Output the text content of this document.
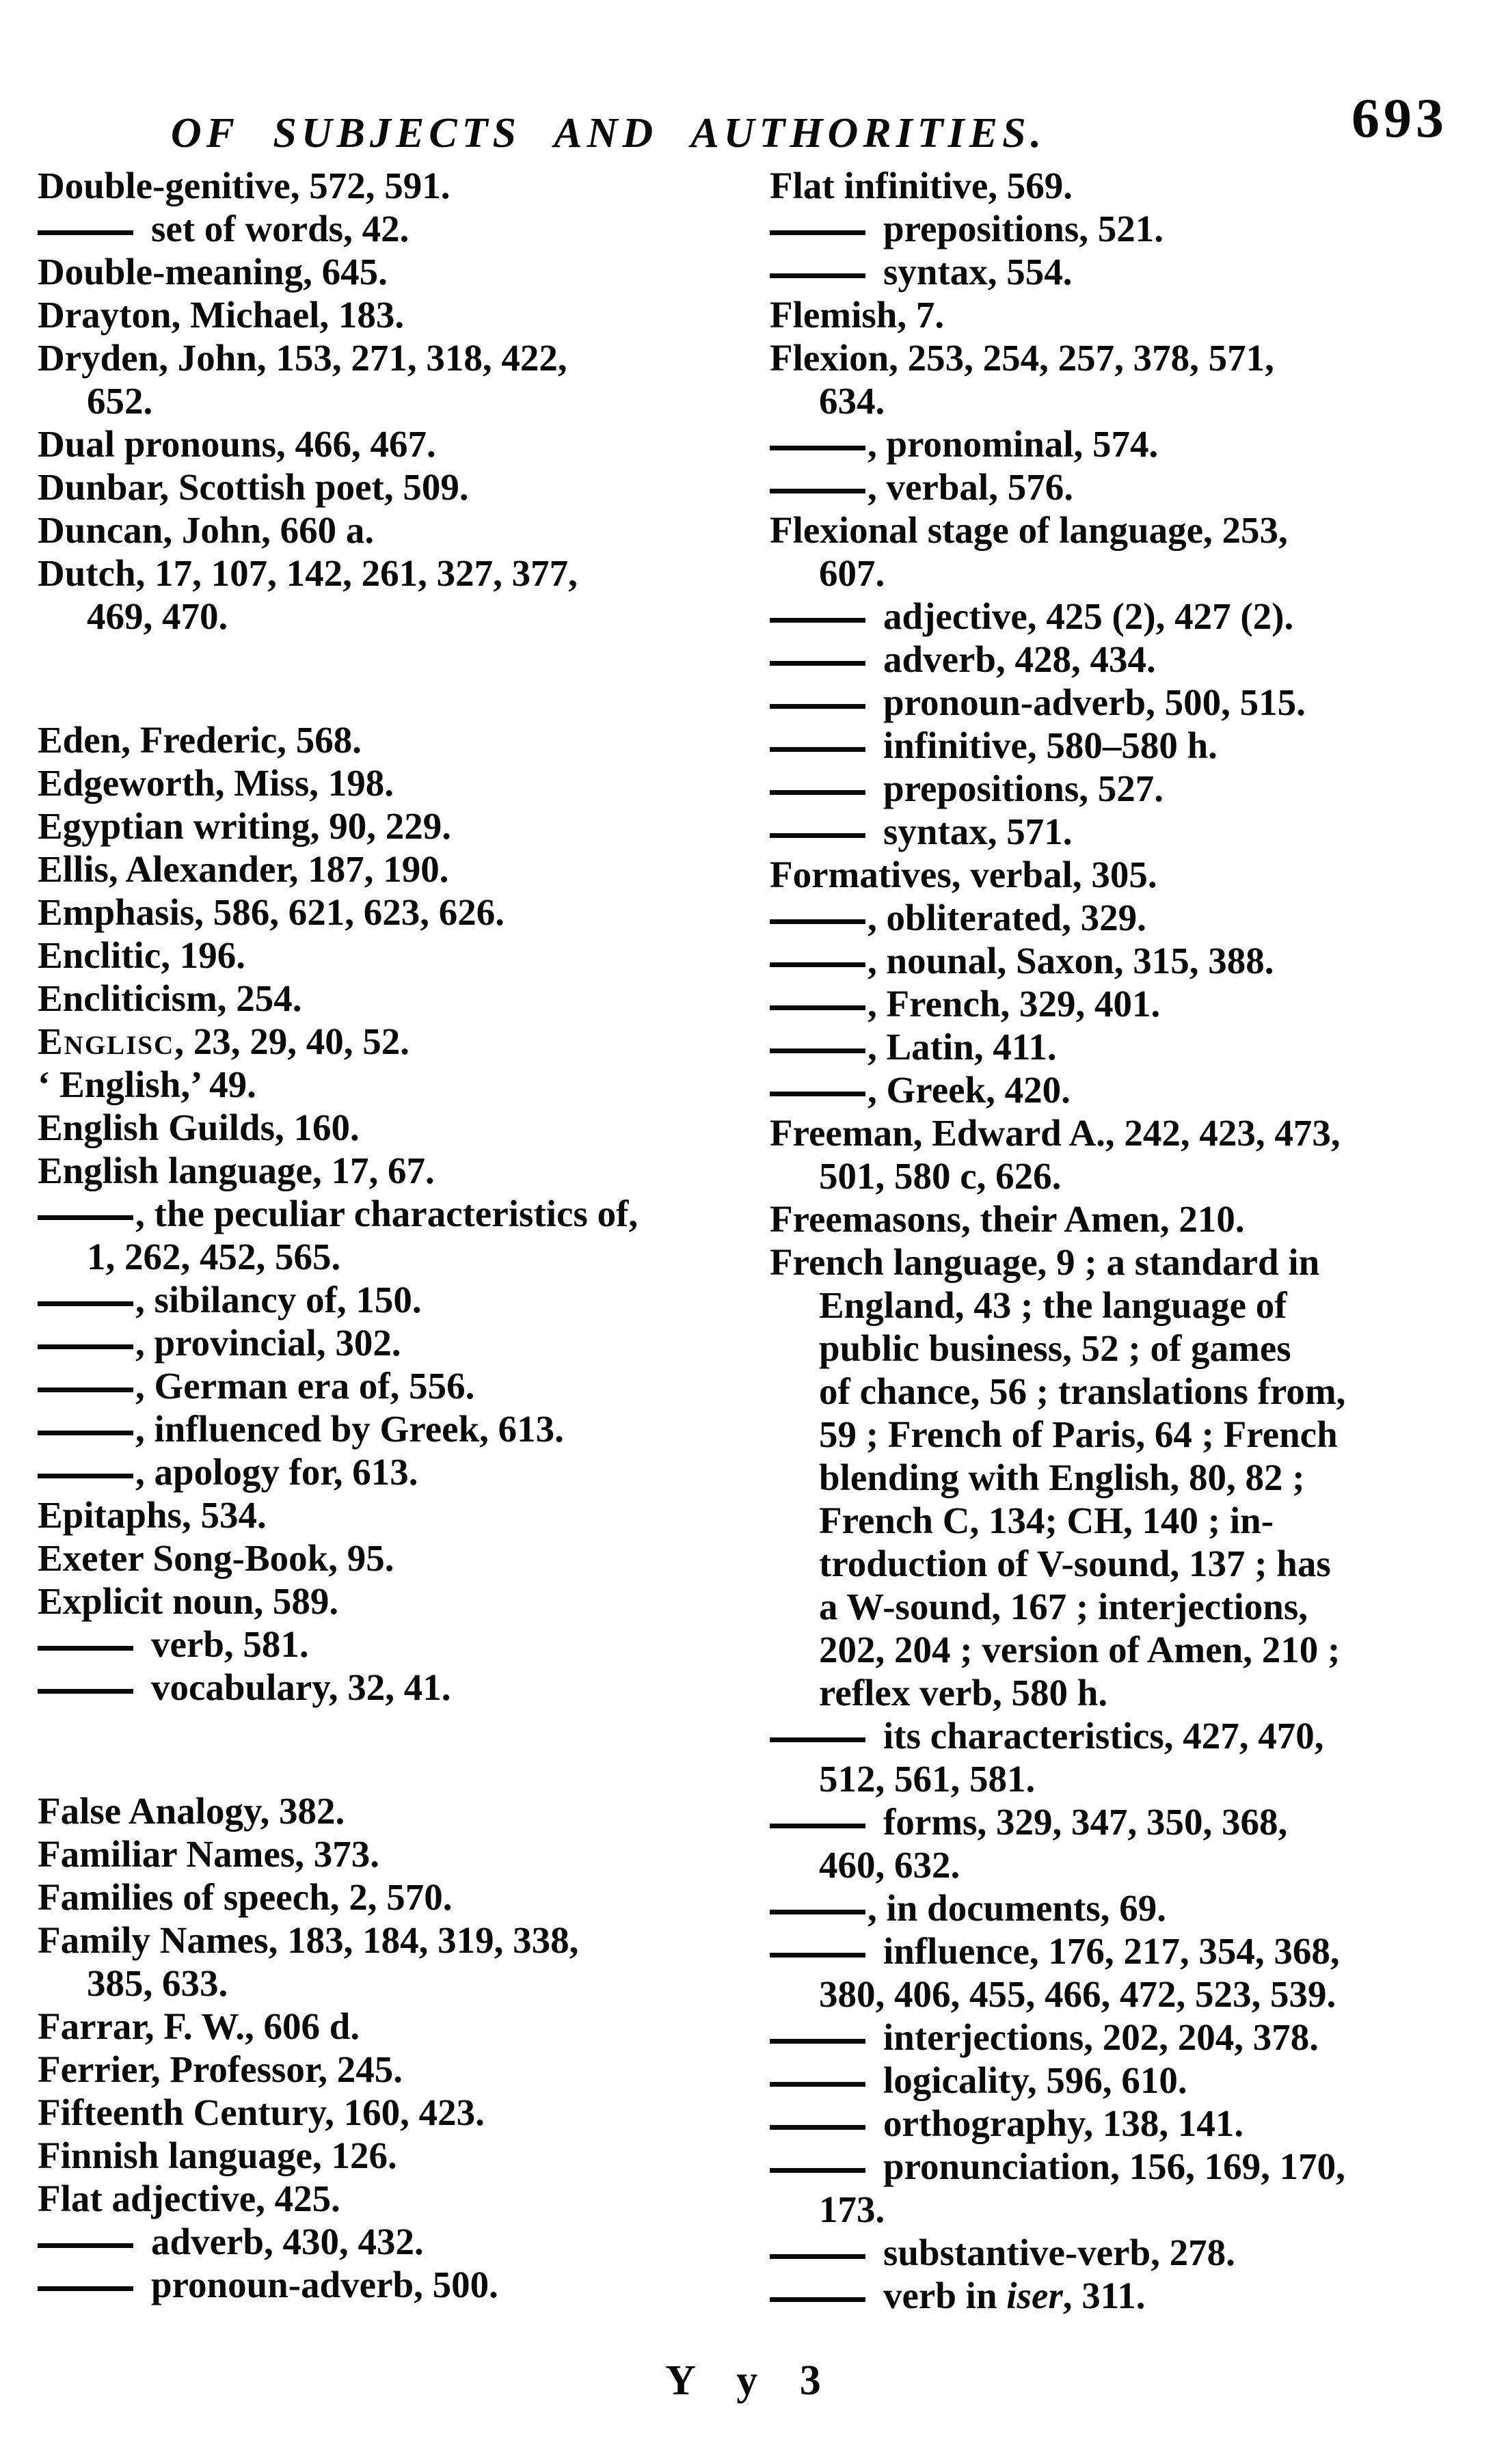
OF SUBJECTS AND AUTHORITIES.	693
Double-genitive, 572, 591.
set of words, 42.
Double-meaning, 645.
Drayton, Michael, 183.
Dryden, John, 153, 271, 318, 422,
652.
Dual pronouns, 466, 467.
Dunbar, Scottish poet, 509.
Duncan, John, 660 a.
Dutch, 17, 107, 142, 261, 327, 377,
469, 470.
Eden, Frederic, 568.
Edgeworth, Miss, 198.
Egyptian writing, 90, 229.
Ellis, Alexander, 187, 190.
Emphasis, 586, 621, 623, 626.
Enclitic, 196.
Encliticism, 254.
Englisc, 23, 29, 40, 52.
‘ English,’ 49.
English Guilds, 160.
English language, 17, 67.
, the peculiar characteristics of,
1, 262, 452, 565.
, sibilancy of, 150.
, provincial, 302.
, German era of, 556.
, influenced by Greek, 613.
, apology for, 613.
Epitaphs, 534.
Exeter Song-Book, 95.
Explicit noun, 589.
verb, 581.
vocabulary, 32, 41.
False Analogy, 382.
Familiar Names, 373.
Families of speech, 2, 570.
Family Names, 183, 184, 319, 338,
385, 633.
Farrar, F. W., 606 d.
Ferrier, Professor, 245.
Fifteenth Century, 160, 423.
Finnish language, 126.
Flat adjective, 425.
adverb, 430, 432.
pronoun-adverb, 500.
Flat infinitive, 569.
prepositions, 521.
syntax, 554.
Flemish, 7.
Flexion, 253, 254, 257, 378, 571,
634.
, pronominal, 574.
, verbal, 576.
Flexional stage of language, 253,
607.
adjective, 425 (2), 427 (2).
adverb, 428, 434.
pronoun-adverb, 500, 515.
infinitive, 580–580 h.
prepositions, 527.
syntax, 571.
Formatives, verbal, 305.
, obliterated, 329.
, nounal, Saxon, 315, 388.
, French, 329, 401.
, Latin, 411.
, Greek, 420.
Freeman, Edward A., 242, 423, 473,
501, 580 c, 626.
Freemasons, their Amen, 210.
French language, 9 ; a standard in
England, 43 ; the language of
public business, 52 ; of games
of chance, 56 ; translations from,
59 ; French of Paris, 64 ; French
blending with English, 80, 82 ;
French C, 134; CH, 140 ; in-
troduction of V-sound, 137 ; has
a W-sound, 167 ; interjections,
202, 204 ; version of Amen, 210 ;
reflex verb, 580 h.
its characteristics, 427, 470,
512, 561, 581.
forms, 329, 347, 350, 368,
460, 632.
, in documents, 69.
influence, 176, 217, 354, 368,
380, 406, 455, 466, 472, 523, 539.
interjections, 202, 204, 378.
logicality, 596, 610.
orthography, 138, 141.
pronunciation, 156, 169, 170,
173.
substantive-verb, 278.
verb in iser, 311.
Y y 3
